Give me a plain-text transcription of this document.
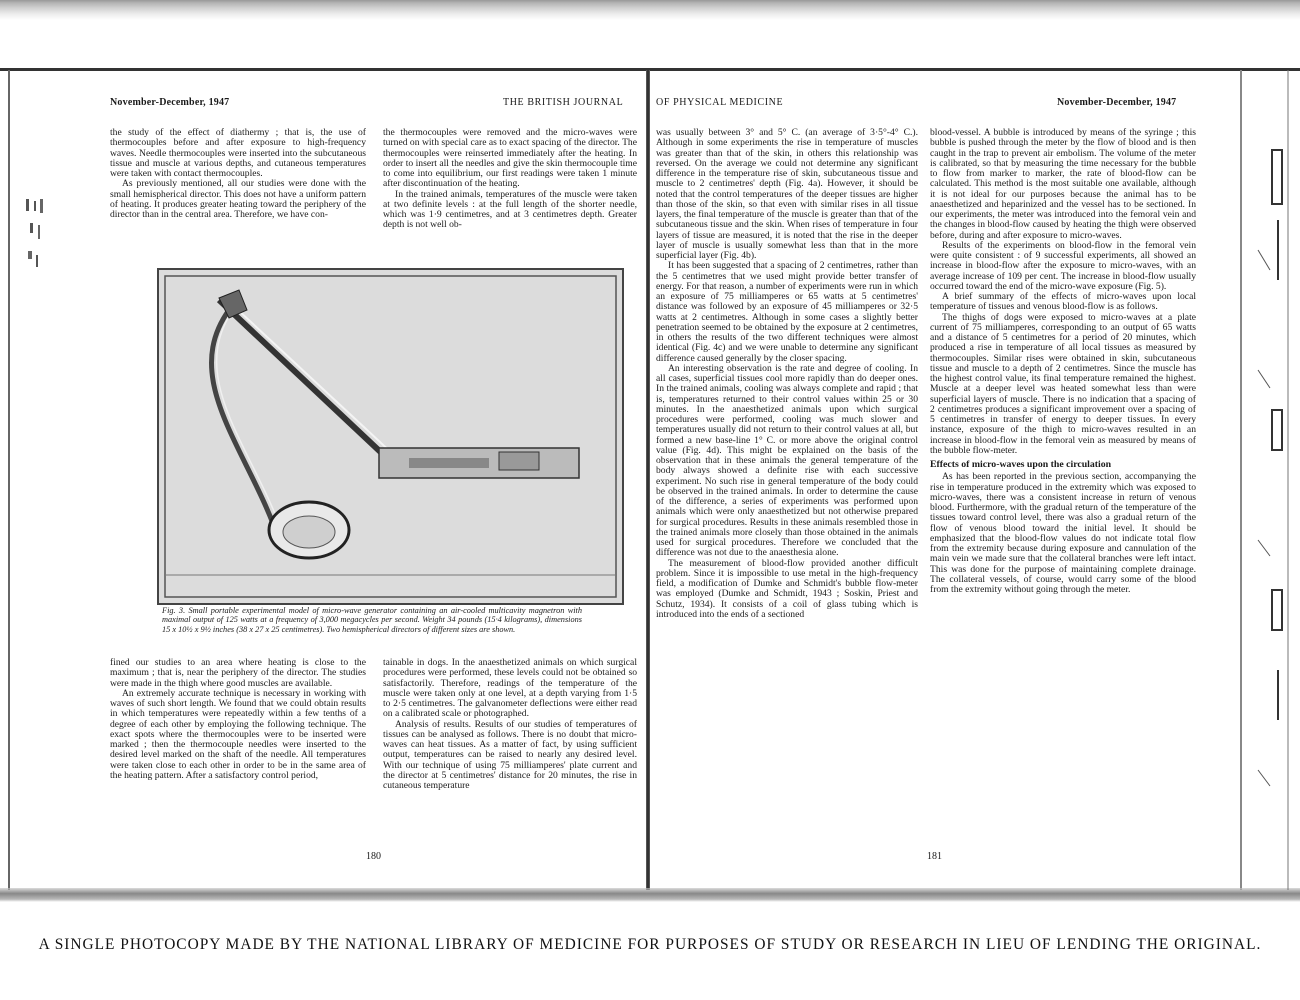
November-December, 1947	THE BRITISH JOURNAL	OF PHYSICAL MEDICINE	November-December, 1947

the study of the effect of diathermy ; that is, the use of thermocouples before and after exposure to high-frequency waves. Needle thermocouples were inserted into the subcutaneous tissue and muscle at various depths, and cutaneous temperatures were taken with contact thermocouples.

As previously mentioned, all our studies were done with the small hemispherical director. This does not have a uniform pattern of heating. It produces greater heating toward the periphery of the director than in the central area. Therefore, we have con-

the thermocouples were removed and the micro-waves were turned on with special care as to exact spacing of the director. The thermocouples were reinserted immediately after the heating. In order to insert all the needles and give the skin thermocouple time to come into equilibrium, our first readings were taken 1 minute after discontinuation of the heating.

In the trained animals, temperatures of the muscle were taken at two definite levels : at the full length of the shorter needle, which was 1·9 centimetres, and at 3 centimetres depth. Greater depth is not well ob-

Fig. 3. Small portable experimental model of micro-wave generator containing an air-cooled multicavity magnetron with maximal output of 125 watts at a frequency of 3,000 megacycles per second. Weight 34 pounds (15·4 kilograms), dimensions 15 x 10½ x 9½ inches (38 x 27 x 25 centimetres). Two hemispherical directors of different sizes are shown.

fined our studies to an area where heating is close to the maximum ; that is, near the periphery of the director. The studies were made in the thigh where good muscles are available.

An extremely accurate technique is necessary in working with waves of such short length. We found that we could obtain results in which temperatures were repeatedly within a few tenths of a degree of each other by employing the following technique. The exact spots where the thermocouples were to be inserted were marked ; then the thermocouple needles were inserted to the desired level marked on the shaft of the needle. All temperatures were taken close to each other in order to be in the same area of the heating pattern. After a satisfactory control period,

tainable in dogs. In the anaesthetized animals on which surgical procedures were performed, these levels could not be obtained so satisfactorily. Therefore, readings of the temperature of the muscle were taken only at one level, at a depth varying from 1·5 to 2·5 centimetres. The galvanometer deflections were either read on a calibrated scale or photographed.

Analysis of results. Results of our studies of temperatures of tissues can be analysed as follows. There is no doubt that micro-waves can heat tissues. As a matter of fact, by using sufficient output, temperatures can be raised to nearly any desired level. With our technique of using 75 milliamperes' plate current and the director at 5 centimetres' distance for 20 minutes, the rise in cutaneous temperature

180

was usually between 3° and 5° C. (an average of 3·5°-4° C.). Although in some experiments the rise in temperature of muscles was greater than that of the skin, in others this relationship was reversed. On the average we could not determine any significant difference in the temperature rise of skin, subcutaneous tissue and muscle to 2 centimetres' depth (Fig. 4a). However, it should be noted that the control temperatures of the deeper tissues are higher than those of the skin, so that even with similar rises in all tissue layers, the final temperature of the muscle is greater than that of the subcutaneous tissue and the skin. When rises of temperature in four layers of tissue are measured, it is noted that the rise in the deeper layer of muscle is usually somewhat less than that in the more superficial layer (Fig. 4b).

It has been suggested that a spacing of 2 centimetres, rather than the 5 centimetres that we used might provide better transfer of energy. For that reason, a number of experiments were run in which an exposure of 75 milliamperes or 65 watts at 5 centimetres' distance was followed by an exposure of 45 milliamperes or 32·5 watts at 2 centimetres. Although in some cases a slightly better penetration seemed to be obtained by the exposure at 2 centimetres, in others the results of the two different techniques were almost identical (Fig. 4c) and we were unable to determine any significant difference caused generally by the closer spacing.

An interesting observation is the rate and degree of cooling. In all cases, superficial tissues cool more rapidly than do deeper ones. In the trained animals, cooling was always complete and rapid ; that is, temperatures returned to their control values within 25 or 30 minutes. In the anaesthetized animals upon which surgical procedures were performed, cooling was much slower and temperatures usually did not return to their control values at all, but formed a new base-line 1° C. or more above the original control value (Fig. 4d). This might be explained on the basis of the observation that in these animals the general temperature of the body always showed a definite rise with each successive experiment. No such rise in general temperature of the body could be observed in the trained animals. In order to determine the cause of the difference, a series of experiments was performed upon animals which were only anaesthetized but not otherwise prepared for surgical procedures. Results in these animals resembled those in the trained animals more closely than those obtained in the animals used for surgical procedures. Therefore we concluded that the difference was not due to the anaesthesia alone.

The measurement of blood-flow provided another difficult problem. Since it is impossible to use metal in the high-frequency field, a modification of Dumke and Schmidt's bubble flow-meter was employed (Dumke and Schmidt, 1943 ; Soskin, Priest and Schutz, 1934). It consists of a coil of glass tubing which is introduced into the ends of a sectioned

blood-vessel. A bubble is introduced by means of the syringe ; this bubble is pushed through the meter by the flow of blood and is then caught in the trap to prevent air embolism. The volume of the meter is calibrated, so that by measuring the time necessary for the bubble to flow from marker to marker, the rate of blood-flow can be calculated. This method is the most suitable one available, although it is not ideal for our purposes because the animal has to be anaesthetized and heparinized and the vessel has to be sectioned. In our experiments, the meter was introduced into the femoral vein and the changes in blood-flow caused by heating the thigh were observed before, during and after exposure to micro-waves.

Results of the experiments on blood-flow in the femoral vein were quite consistent : of 9 successful experiments, all showed an increase in blood-flow after the exposure to micro-waves, with an average increase of 109 per cent. The increase in blood-flow usually occurred toward the end of the micro-wave exposure (Fig. 5).

A brief summary of the effects of micro-waves upon local temperature of tissues and venous blood-flow is as follows.

The thighs of dogs were exposed to micro-waves at a plate current of 75 milliamperes, corresponding to an output of 65 watts and a distance of 5 centimetres for a period of 20 minutes, which produced a rise in temperature of all local tissues as measured by thermocouples. Similar rises were obtained in skin, subcutaneous tissue and muscle to a depth of 2 centimetres. Since the muscle has the highest control value, its final temperature remained the highest. Muscle at a deeper level was heated somewhat less than were superficial layers of muscle. There is no indication that a spacing of 2 centimetres produces a significant improvement over a spacing of 5 centimetres in transfer of energy to deeper tissues. In every instance, exposure of the thigh to micro-waves resulted in an increase in blood-flow in the femoral vein as measured by means of the bubble flow-meter.

Effects of micro-waves upon the circulation

As has been reported in the previous section, accompanying the rise in temperature produced in the extremity which was exposed to micro-waves, there was a consistent increase in return of venous blood. Furthermore, with the gradual return of the temperature of the tissues toward control level, there was also a gradual return of the flow of venous blood toward the initial level. It should be emphasized that the blood-flow values do not indicate total flow from the extremity because during exposure and cannulation of the main vein we made sure that the collateral branches were left intact. This was done for the purpose of maintaining complete drainage. The collateral vessels, of course, would carry some of the blood from the extremity without going through the meter.

181
A SINGLE PHOTOCOPY MADE BY THE NATIONAL LIBRARY OF MEDICINE FOR PURPOSES OF STUDY OR RESEARCH IN LIEU OF LENDING THE ORIGINAL.
